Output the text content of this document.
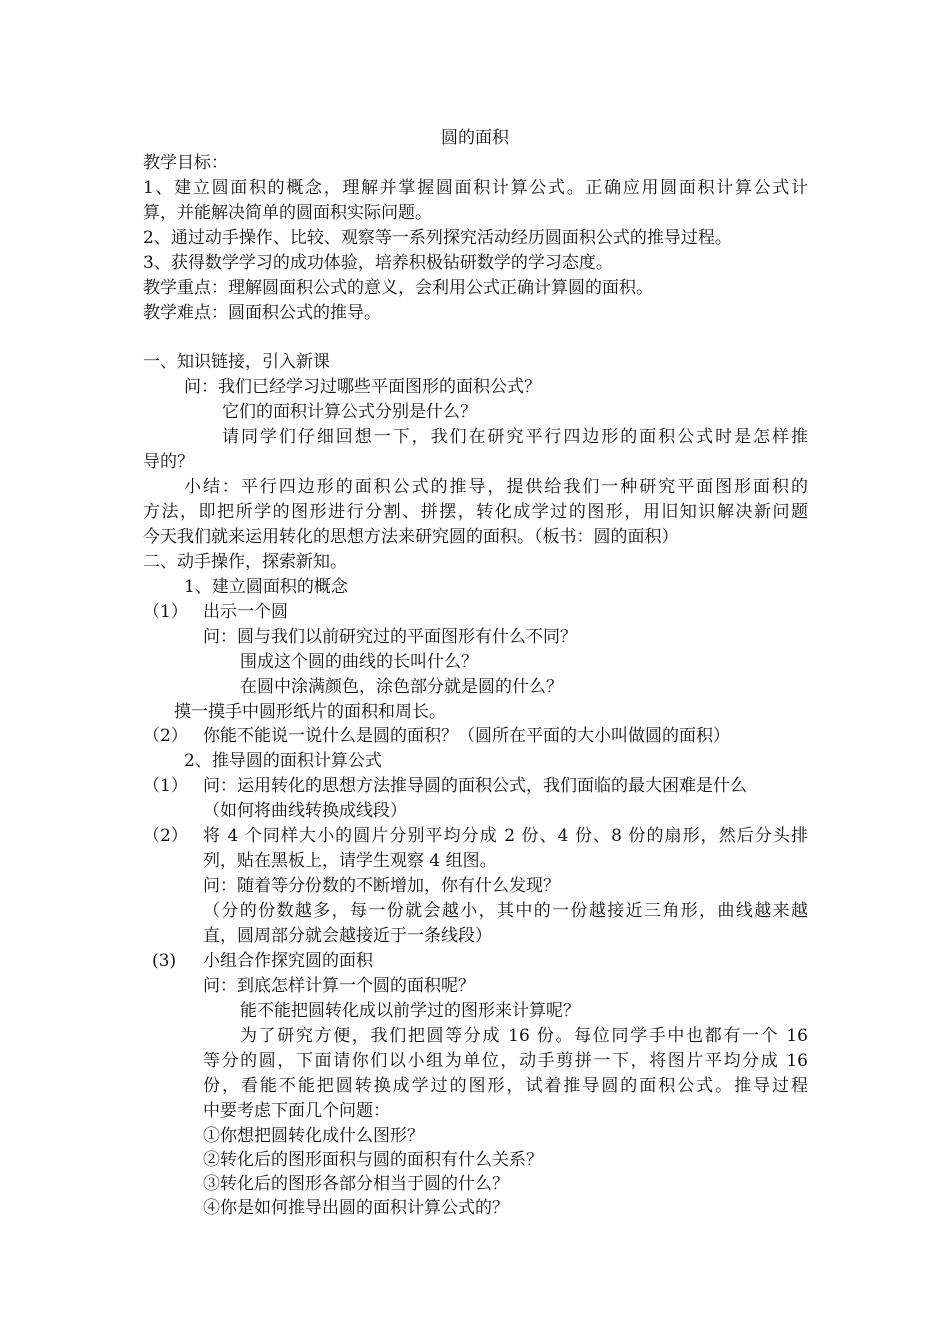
圆的面积
教学目标：
1、建立圆面积的概念，理解并掌握圆面积计算公式。正确应用圆面积计算公式计
算，并能解决简单的圆面积实际问题。
2、通过动手操作、比较、观察等一系列探究活动经历圆面积公式的推导过程。
3、获得数学学习的成功体验，培养积极钻研数学的学习态度。
教学重点：理解圆面积公式的意义，会利用公式正确计算圆的面积。
教学难点：圆面积公式的推导。
一、知识链接，引入新课
问：我们已经学习过哪些平面图形的面积公式？
它们的面积计算公式分别是什么？
请同学们仔细回想一下，我们在研究平行四边形的面积公式时是怎样推
导的？
小结：平行四边形的面积公式的推导，提供给我们一种研究平面图形面积的
方法，即把所学的图形进行分割、拼摆，转化成学过的图形，用旧知识解决新问题
今天我们就来运用转化的思想方法来研究圆的面积。（板书：圆的面积）
二、动手操作，探索新知。
1、建立圆面积的概念
（1） 出示一个圆
问：圆与我们以前研究过的平面图形有什么不同？
围成这个圆的曲线的长叫什么？
在圆中涂满颜色，涂色部分就是圆的什么？
摸一摸手中圆形纸片的面积和周长。
（2） 你能不能说一说什么是圆的面积？（圆所在平面的大小叫做圆的面积）
2、推导圆的面积计算公式
（1） 问：运用转化的思想方法推导圆的面积公式，我们面临的最大困难是什么
（如何将曲线转换成线段）
（2） 将 4 个同样大小的圆片分别平均分成 2 份、4 份、8 份的扇形，然后分头排
列，贴在黑板上，请学生观察 4 组图。
问：随着等分份数的不断增加，你有什么发现？
（分的份数越多，每一份就会越小，其中的一份越接近三角形，曲线越来越
直，圆周部分就会越接近于一条线段）
(3) 小组合作探究圆的面积
问：到底怎样计算一个圆的面积呢？
能不能把圆转化成以前学过的图形来计算呢？
为了研究方便，我们把圆等分成 16 份。每位同学手中也都有一个 16
等分的圆，下面请你们以小组为单位，动手剪拼一下，将图片平均分成 16
份，看能不能把圆转换成学过的图形，试着推导圆的面积公式。推导过程
中要考虑下面几个问题：
①你想把圆转化成什么图形？
②转化后的图形面积与圆的面积有什么关系？
③转化后的图形各部分相当于圆的什么？
④你是如何推导出圆的面积计算公式的？
